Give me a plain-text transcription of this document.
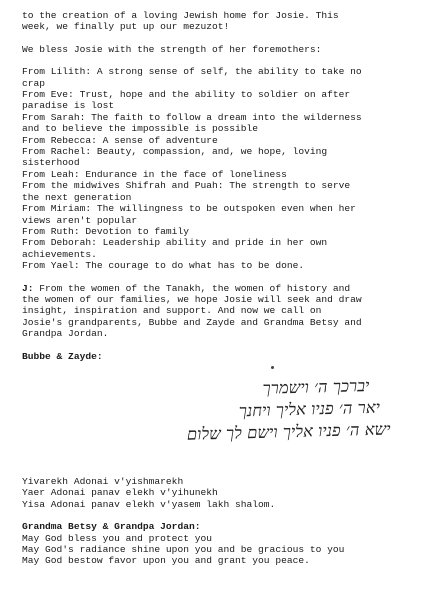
to the creation of a loving Jewish home for Josie. This
week, we finally put up our mezuzot!
We bless Josie with the strength of her foremothers:
From Lilith: A strong sense of self, the ability to take no
crap
From Eve: Trust, hope and the ability to soldier on after
paradise is lost
From Sarah: The faith to follow a dream into the wilderness
and to believe the impossible is possible
From Rebecca: A sense of adventure
From Rachel: Beauty, compassion, and, we hope, loving
sisterhood
From Leah: Endurance in the face of loneliness
From the midwives Shifrah and Puah: The strength to serve
the next generation
From Miriam: The willingness to be outspoken even when her
views aren't popular
From Ruth: Devotion to family
From Deborah: Leadership ability and pride in her own
achievements.
From Yael: The courage to do what has to be done.
J: From the women of the Tanakh, the women of history and
the women of our families, we hope Josie will seek and draw
insight, inspiration and support. And now we call on
Josie's grandparents, Bubbe and Zayde and Grandma Betsy and
Grandpa Jordan.
Bubbe & Zayde:
יברכך ה׳ וישמרך
יאר ה׳ פניו אליך ויחנך
ישא ה׳ פניו אליך וישם לך שלום
Yivarekh Adonai v'yishmarekh
Yaer Adonai panav elekh v'yihunekh
Yisa Adonai panav elekh v'yasem lakh shalom.
Grandma Betsy & Grandpa Jordan:
May God bless you and protect you
May God's radiance shine upon you and be gracious to you
May God bestow favor upon you and grant you peace.
